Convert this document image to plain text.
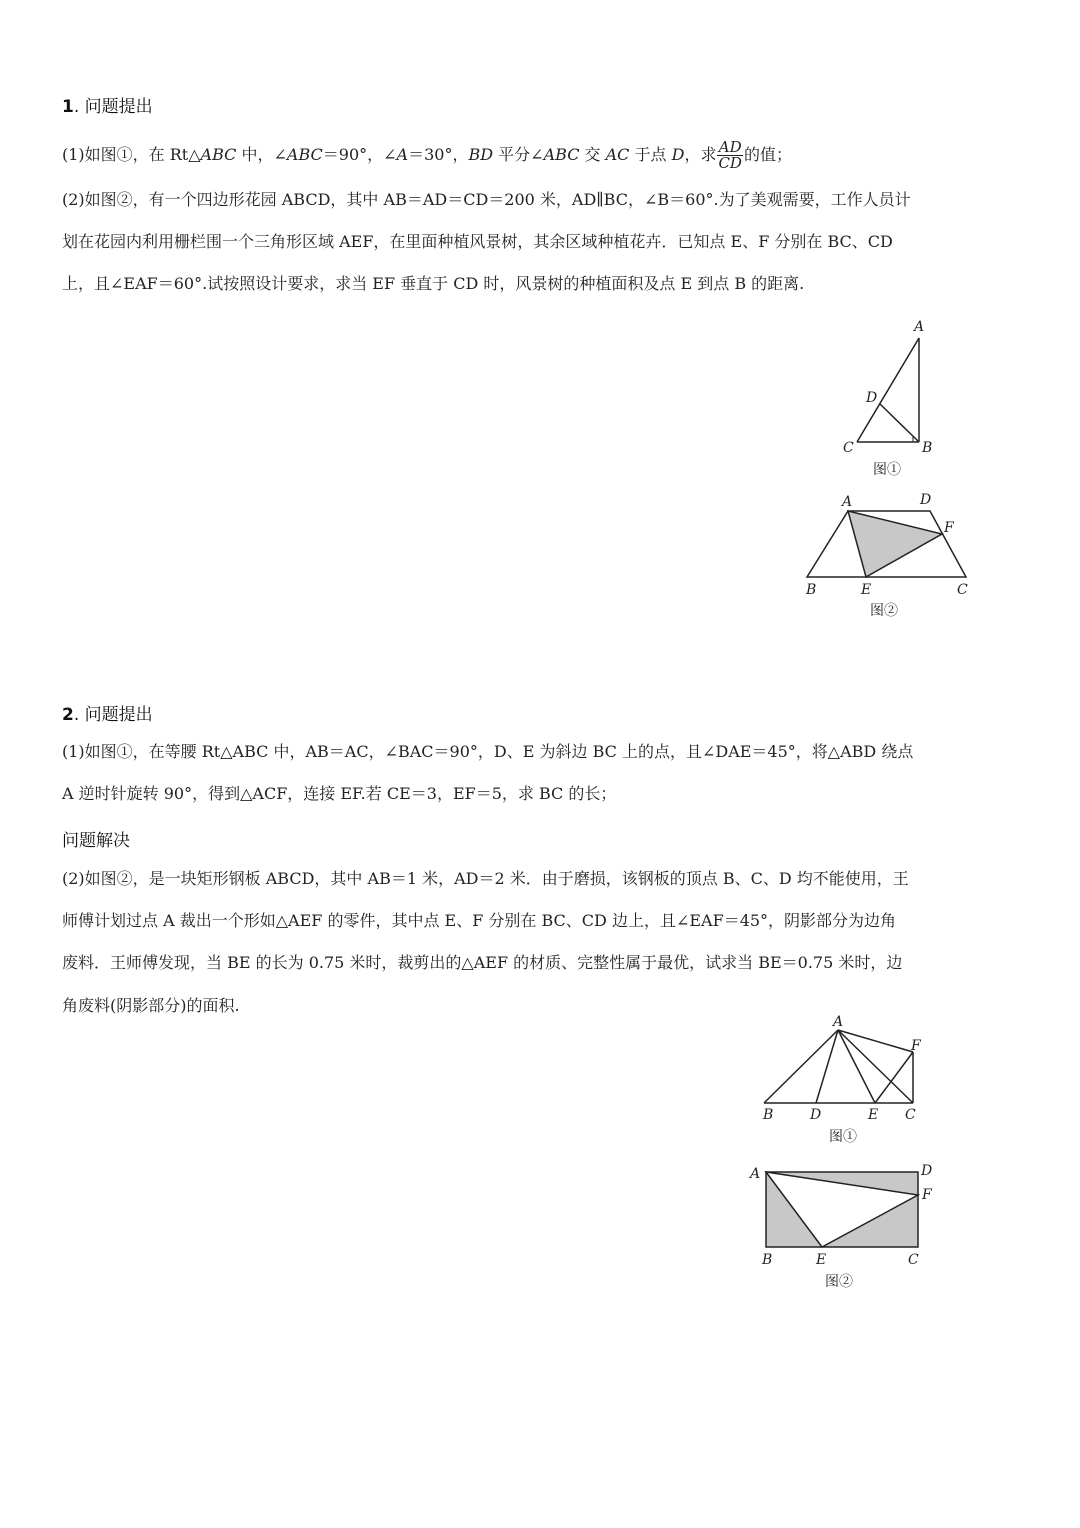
1. 问题提出
(1)如图①，在 Rt△ABC 中，∠ABC＝90°，∠A＝30°，BD 平分∠ABC 交 AC 于点 D，求 $\frac{AD}{CD}$ 的值；
(2)如图②，有一个四边形花园 ABCD，其中 AB＝AD＝CD＝200 米，AD∥BC，∠B＝60°.为了美观需要，工作人员计
划在花园内利用栅栏围一个三角形区域 AEF，在里面种植风景树，其余区域种植花卉．已知点 E、F 分别在 BC、CD
上，且∠EAF＝60°.试按照设计要求，求当 EF 垂直于 CD 时，风景树的种植面积及点 E 到点 B 的距离.
A
D
C	B
图①
A	D
F
B	E	C
图②
2. 问题提出
(1)如图①，在等腰 Rt△ABC 中，AB＝AC，∠BAC＝90°，D、E 为斜边 BC 上的点，且∠DAE＝45°，将△ABD 绕点
A 逆时针旋转 90°，得到△ACF，连接 EF.若 CE＝3，EF＝5，求 BC 的长；
问题解决
(2)如图②，是一块矩形钢板 ABCD，其中 AB＝1 米，AD＝2 米．由于磨损，该钢板的顶点 B、C、D 均不能使用，王
师傅计划过点 A 裁出一个形如△AEF 的零件，其中点 E、F 分别在 BC、CD 边上，且∠EAF＝45°，阴影部分为边角
废料．王师傅发现，当 BE 的长为 0.75 米时，裁剪出的△AEF 的材质、完整性属于最优，试求当 BE＝0.75 米时，边
角废料(阴影部分)的面积.
A
F
B	D	E C
图①
A	D
F
B	E	C
图②
